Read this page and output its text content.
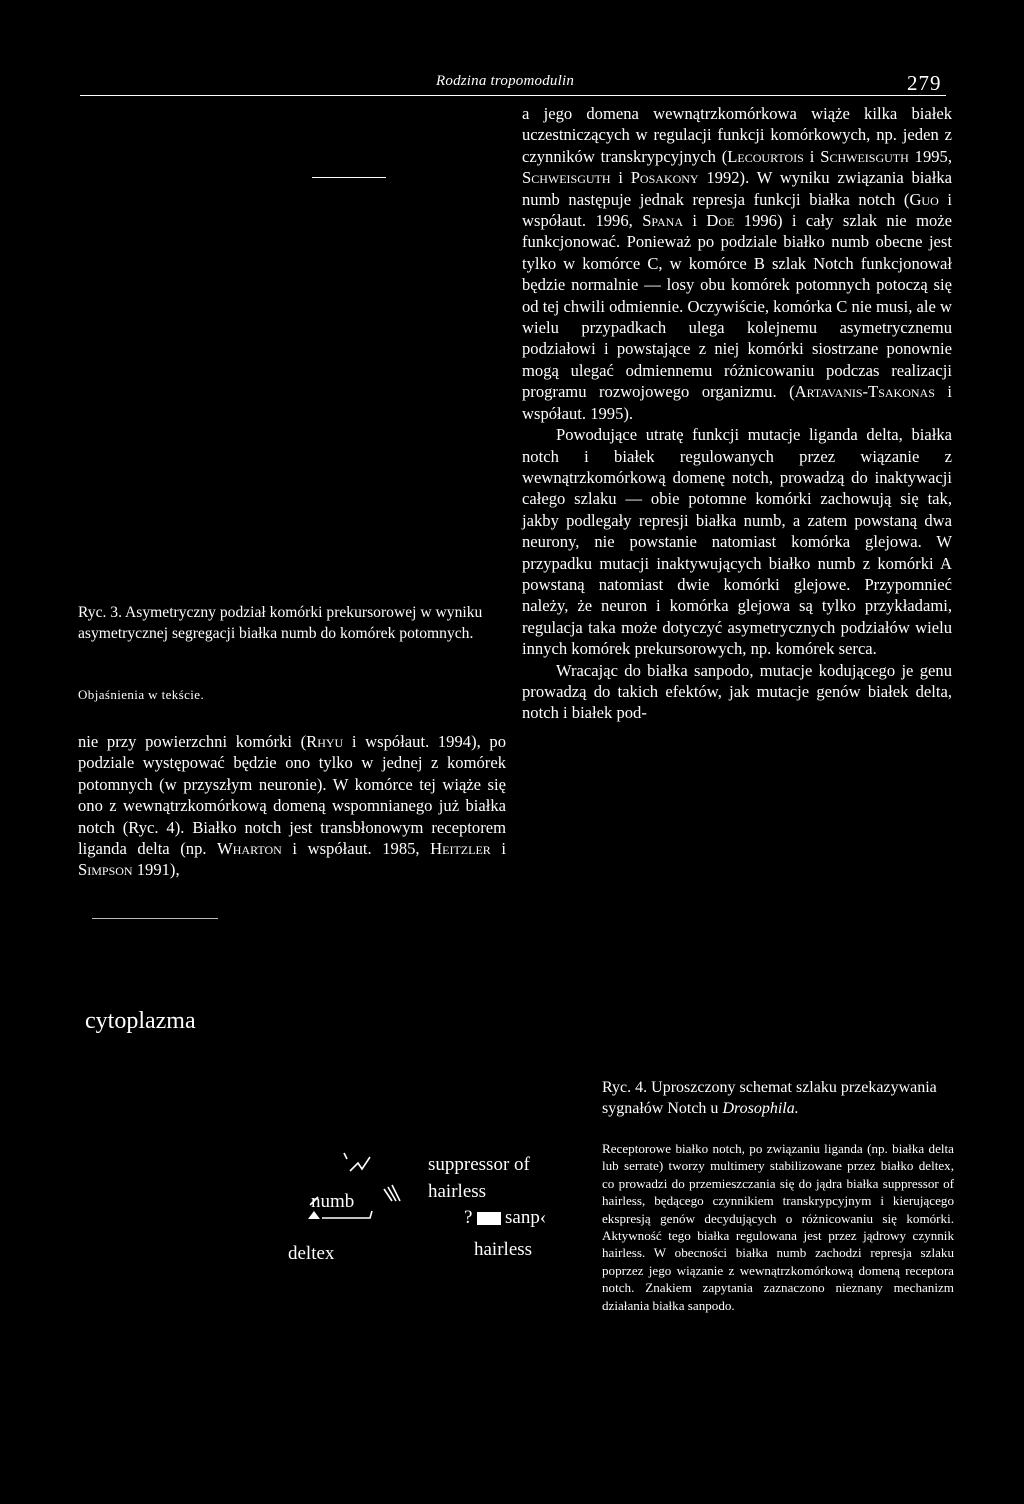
Rodzina tropomodulin	279
Ryc. 3. Asymetryczny podział komórki prekursorowej w wyniku asymetrycznej segregacji białka numb do komórek potomnych.
Objaśnienia w tekście.

nie przy powierzchni komórki (Rhyu i współaut. 1994), po podziale występować będzie ono tylko w jednej z komórek potomnych (w przyszłym neuronie). W komórce tej wiąże się ono z wewnątrzkomórkową domeną wspomnianego już białka notch (Ryc. 4). Białko notch jest transbłonowym receptorem liganda delta (np. Wharton i współaut. 1985, Heitzler i Simpson 1991),

a jego domena wewnątrzkomórkowa wiąże kilka białek uczestniczących w regulacji funkcji komórkowych, np. jeden z czynników transkrypcyjnych (Lecourtois i Schweisguth 1995, Schweisguth i Posakony 1992). W wyniku związania białka numb następuje jednak represja funkcji białka notch (Guo i współaut. 1996, Spana i Doe 1996) i cały szlak nie może funkcjonować. Ponieważ po podziale białko numb obecne jest tylko w komórce C, w komórce B szlak Notch funkcjonował będzie normalnie — losy obu komórek potomnych potoczą się od tej chwili odmiennie. Oczywiście, komórka C nie musi, ale w wielu przypadkach ulega kolejnemu asymetrycznemu podziałowi i powstające z niej komórki siostrzane ponownie mogą ulegać odmiennemu różnicowaniu podczas realizacji programu rozwojowego organizmu. (Artavanis-Tsakonas i współaut. 1995).

Powodujące utratę funkcji mutacje liganda delta, białka notch i białek regulowanych przez wiązanie z wewnątrzkomórkową domenę notch, prowadzą do inaktywacji całego szlaku — obie potomne komórki zachowują się tak, jakby podlegały represji białka numb, a zatem powstaną dwa neurony, nie powstanie natomiast komórka glejowa. W przypadku mutacji inaktywujących białko numb z komórki A powstaną natomiast dwie komórki glejowe. Przypomnieć należy, że neuron i komórka glejowa są tylko przykładami, regulacja taka może dotyczyć asymetrycznych podziałów wielu innych komórek prekursorowych, np. komórek serca.

Wracając do białka sanpodo, mutacje kodującego je genu prowadzą do takich efektów, jak mutacje genów białek delta, notch i białek pod-

cytoplazma
Ryc. 4. Uproszczony schemat szlaku przekazywania sygnałów Notch u Drosophila.
Receptorowe białko notch, po związaniu liganda (np. białka delta lub serrate) tworzy multimery stabilizowane przez białko deltex, co prowadzi do przemieszczania się do jądra białka suppressor of hairless, będącego czynnikiem transkrypcyjnym i kierującego ekspresją genów decydujących o różnicowaniu się komórki. Aktywność tego białka regulowana jest przez jądrowy czynnik hairless. W obecności białka numb zachodzi represja szlaku poprzez jego wiązanie z wewnątrzkomórkową domeną receptora notch. Znakiem zapytania zaznaczono nieznany mechanizm działania białka sanpodo.
numb
deltex
suppressor of
hairless
? sanp‹
hairless
